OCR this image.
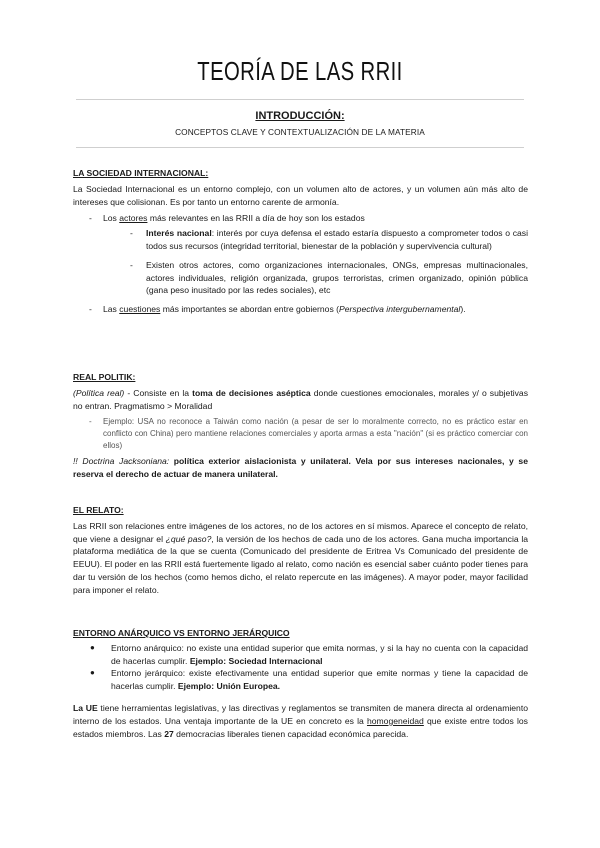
TEORÍA DE LAS RRII
INTRODUCCIÓN:
CONCEPTOS CLAVE Y CONTEXTUALIZACIÓN DE LA MATERIA
LA SOCIEDAD INTERNACIONAL:
La Sociedad Internacional es un entorno complejo, con un volumen alto de actores, y un volumen aún más alto de intereses que colisionan. Es por tanto un entorno carente de armonía.
- Los actores más relevantes en las RRII a día de hoy son los estados
- Interés nacional: interés por cuya defensa el estado estaría dispuesto a comprometer todos o casi todos sus recursos (integridad territorial, bienestar de la población y supervivencia cultural)
- Existen otros actores, como organizaciones internacionales, ONGs, empresas multinacionales, actores individuales, religión organizada, grupos terroristas, crimen organizado, opinión pública (gana peso inusitado por las redes sociales), etc
- Las cuestiones más importantes se abordan entre gobiernos (Perspectiva intergubernamental).
REAL POLITIK:
(Política real) - Consiste en la toma de decisiones aséptica donde cuestiones emocionales, morales y/ o subjetivas no entran. Pragmatismo > Moralidad
- Ejemplo: USA no reconoce a Taiwán como nación (a pesar de ser lo moralmente correcto, no es práctico estar en conflicto con China) pero mantiene relaciones comerciales y aporta armas a esta "nación" (si es práctico comerciar con ellos)
!! Doctrina Jacksoniana: política exterior aislacionista y unilateral. Vela por sus intereses nacionales, y se reserva el derecho de actuar de manera unilateral.
EL RELATO:
Las RRII son relaciones entre imágenes de los actores, no de los actores en sí mismos. Aparece el concepto de relato, que viene a designar el ¿qué paso?, la versión de los hechos de cada uno de los actores. Gana mucha importancia la plataforma mediática de la que se cuenta (Comunicado del presidente de Eritrea Vs Comunicado del presidente de EEUU). El poder en las RRII está fuertemente ligado al relato, como nación es esencial saber cuánto poder tienes para dar tu versión de los hechos (como hemos dicho, el relato repercute en las imágenes). A mayor poder, mayor facilidad para imponer el relato.
ENTORNO ANÁRQUICO VS ENTORNO JERÁRQUICO
● Entorno anárquico: no existe una entidad superior que emita normas, y si la hay no cuenta con la capacidad de hacerlas cumplir. Ejemplo: Sociedad Internacional
● Entorno jerárquico: existe efectivamente una entidad superior que emite normas y tiene la capacidad de hacerlas cumplir. Ejemplo: Unión Europea.
La UE tiene herramientas legislativas, y las directivas y reglamentos se transmiten de manera directa al ordenamiento interno de los estados. Una ventaja importante de la UE en concreto es la homogeneidad que existe entre todos los estados miembros. Las 27 democracias liberales tienen capacidad económica parecida.
